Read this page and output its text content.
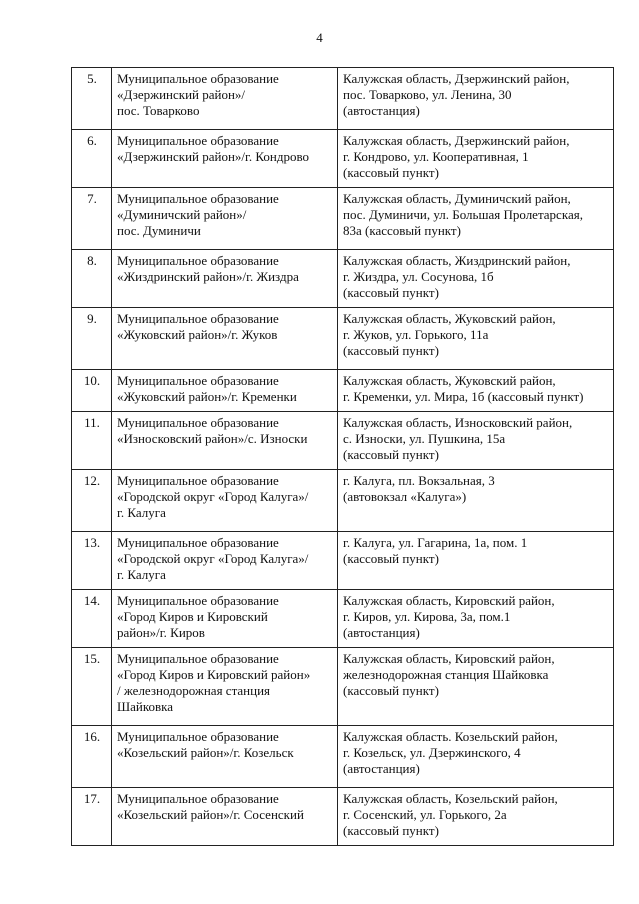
4
5.	Муниципальное образование
«Дзержинский район»/
пос. Товарково	Калужская область, Дзержинский район,
пос. Товарково, ул. Ленина, 30
(автостанция)

6.	Муниципальное образование
«Дзержинский район»/г. Кондрово	Калужская область, Дзержинский район,
г. Кондрово, ул. Кооперативная, 1
(кассовый пункт)

7.	Муниципальное образование
«Думиничский район»/
пос. Думиничи	Калужская область, Думиничский район,
пос. Думиничи, ул. Большая Пролетарская,
83а (кассовый пункт)

8.	Муниципальное образование
«Жиздринский район»/г. Жиздра	Калужская область, Жиздринский район,
г. Жиздра, ул. Сосунова, 1б
(кассовый пункт)

9.	Муниципальное образование
«Жуковский район»/г. Жуков	Калужская область, Жуковский район,
г. Жуков, ул. Горького, 11а
(кассовый пункт)

10.	Муниципальное образование
«Жуковский район»/г. Кременки	Калужская область, Жуковский район,
г. Кременки, ул. Мира, 1б (кассовый пункт)

11.	Муниципальное образование
«Износковский район»/с. Износки	Калужская область, Износковский район,
с. Износки, ул. Пушкина, 15а
(кассовый пункт)

12.	Муниципальное образование
«Городской округ «Город Калуга»/
г. Калуга	г. Калуга, пл. Вокзальная, 3
(автовокзал «Калуга»)

13.	Муниципальное образование
«Городской округ «Город Калуга»/
г. Калуга	г. Калуга, ул. Гагарина, 1а, пом. 1
(кассовый пункт)

14.	Муниципальное образование
«Город Киров и Кировский
район»/г. Киров	Калужская область, Кировский район,
г. Киров, ул. Кирова, 3а, пом.1
(автостанция)

15.	Муниципальное образование
«Город Киров и Кировский район»
/ железнодорожная станция
Шайковка	Калужская область, Кировский район,
железнодорожная станция Шайковка
(кассовый пункт)

16.	Муниципальное образование
«Козельский район»/г. Козельск	Калужская область. Козельский район,
г. Козельск, ул. Дзержинского, 4
(автостанция)

17.	Муниципальное образование
«Козельский район»/г. Сосенский	Калужская область, Козельский район,
г. Сосенский, ул. Горького, 2а
(кассовый пункт)
